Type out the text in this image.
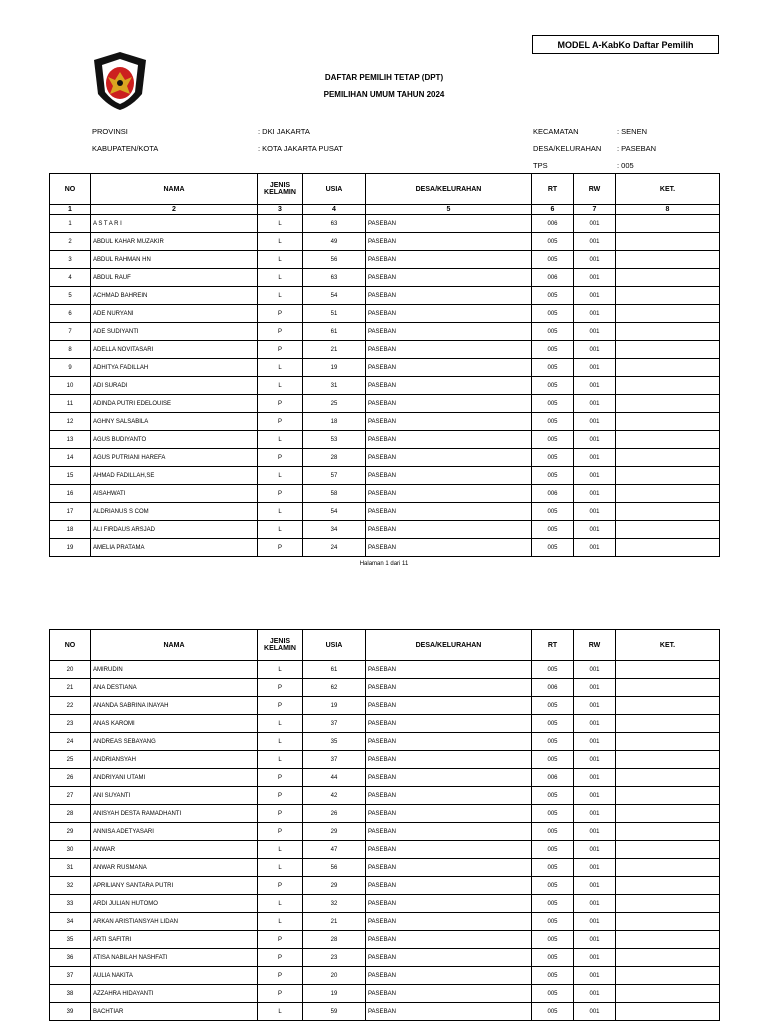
MODEL A-KabKo Daftar Pemilih
DAFTAR PEMILIH TETAP (DPT)
PEMILIHAN UMUM TAHUN 2024
PROVINSI	: DKI JAKARTA
KABUPATEN/KOTA	: KOTA JAKARTA PUSAT
KECAMATAN	: SENEN
DESA/KELURAHAN : PASEBAN
TPS	: 005
NO	NAMA	JENIS KELAMIN	USIA	DESA/KELURAHAN	RT	RW	KET.
1	2	3	4	5	6	7	8
1	A S T A R I	L	63	PASEBAN	006	001	
2	ABDUL KAHAR MUZAKIR	L	49	PASEBAN	005	001	
3	ABDUL RAHMAN HN	L	56	PASEBAN	005	001	
4	ABDUL RAUF	L	63	PASEBAN	006	001	
5	ACHMAD BAHREIN	L	54	PASEBAN	005	001	
6	ADE NURYANI	P	51	PASEBAN	005	001	
7	ADE SUDIYANTI	P	61	PASEBAN	005	001	
8	ADELLA NOVITASARI	P	21	PASEBAN	005	001	
9	ADHITYA FADILLAH	L	19	PASEBAN	005	001	
10	ADI SURADI	L	31	PASEBAN	005	001	
11	ADINDA PUTRI EDELOUISE	P	25	PASEBAN	005	001	
12	AGHNY SALSABILA	P	18	PASEBAN	005	001	
13	AGUS BUDIYANTO	L	53	PASEBAN	005	001	
14	AGUS PUTRIANI HAREFA	P	28	PASEBAN	005	001	
15	AHMAD FADILLAH,SE	L	57	PASEBAN	005	001	
16	AISAHWATI	P	58	PASEBAN	006	001	
17	ALDRIANUS S COM	L	54	PASEBAN	005	001	
18	ALI FIRDAUS ARSJAD	L	34	PASEBAN	005	001	
19	AMELIA PRATAMA	P	24	PASEBAN	005	001	
Halaman 1 dari 11
NO	NAMA	JENIS KELAMIN	USIA	DESA/KELURAHAN	RT	RW	KET.
20	AMIRUDIN	L	61	PASEBAN	005	001	
21	ANA DESTIANA	P	62	PASEBAN	006	001	
22	ANANDA SABRINA INAYAH	P	19	PASEBAN	005	001	
23	ANAS KAROMI	L	37	PASEBAN	005	001	
24	ANDREAS SEBAYANG	L	35	PASEBAN	005	001	
25	ANDRIANSYAH	L	37	PASEBAN	005	001	
26	ANDRIYANI UTAMI	P	44	PASEBAN	006	001	
27	ANI SUYANTI	P	42	PASEBAN	005	001	
28	ANISYAH DESTA RAMADHANTI	P	26	PASEBAN	005	001	
29	ANNISA ADETYASARI	P	29	PASEBAN	005	001	
30	ANWAR	L	47	PASEBAN	005	001	
31	ANWAR RUSMANA	L	56	PASEBAN	005	001	
32	APRILIANY SANTARA PUTRI	P	29	PASEBAN	005	001	
33	ARDI JULIAN HUTOMO	L	32	PASEBAN	005	001	
34	ARKAN ARISTIANSYAH LIDAN	L	21	PASEBAN	005	001	
35	ARTI SAFITRI	P	28	PASEBAN	005	001	
36	ATISA NABILAH NASHFATI	P	23	PASEBAN	005	001	
37	AULIA NAKITA	P	20	PASEBAN	005	001	
38	AZZAHRA HIDAYANTI	P	19	PASEBAN	005	001	
39	BACHTIAR	L	59	PASEBAN	005	001	
